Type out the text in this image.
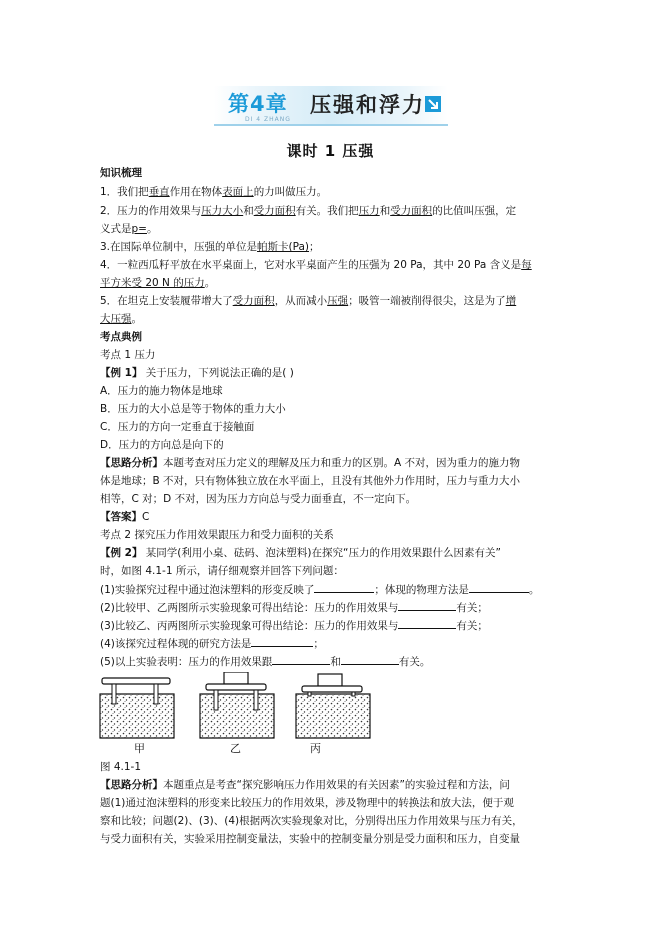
第4章 压强和浮力
DI 4 ZHANG
课时 1 压强
知识梳理
1．我们把垂直作用在物体表面上的力叫做压力。
2．压力的作用效果与压力大小和受力面积有关。我们把压力和受力面积的比值叫压强，定
义式是p=。
3.在国际单位制中，压强的单位是帕斯卡(Pa)；
4．一粒西瓜籽平放在水平桌面上，它对水平桌面产生的压强为 20 Pa，其中 20 Pa 含义是每
平方米受 20 N 的压力。
5．在坦克上安装履带增大了受力面积，从而减小压强；吸管一端被削得很尖，这是为了增
大压强。
考点典例
考点 1 压力
【例 1】 关于压力，下列说法正确的是( )
A．压力的施力物体是地球
B．压力的大小总是等于物体的重力大小
C．压力的方向一定垂直于接触面
D．压力的方向总是向下的
【思路分析】本题考查对压力定义的理解及压力和重力的区别。A 不对，因为重力的施力物
体是地球；B 不对，只有物体独立放在水平面上，且没有其他外力作用时，压力与重力大小
相等，C 对；D 不对，因为压力方向总与受力面垂直，不一定向下。
【答案】C
考点 2 探究压力作用效果跟压力和受力面积的关系
【例 2】 某同学(利用小桌、砝码、泡沫塑料)在探究“压力的作用效果跟什么因素有关”
时，如图 4.1-1 所示，请仔细观察并回答下列问题：
(1)实验探究过程中通过泡沫塑料的形变反映了	；体现的物理方法是	。
(2)比较甲、乙两图所示实验现象可得出结论：压力的作用效果与	有关；
(3)比较乙、丙两图所示实验现象可得出结论：压力的作用效果与	有关；
(4)该探究过程体现的研究方法是	；
(5)以上实验表明：压力的作用效果跟	和	有关。
甲	乙	丙
图 4.1-1
【思路分析】本题重点是考查“探究影响压力作用效果的有关因素”的实验过程和方法，问
题(1)通过泡沫塑料的形变来比较压力的作用效果，涉及物理中的转换法和放大法，便于观
察和比较；问题(2)、(3)、(4)根据两次实验现象对比，分别得出压力作用效果与压力有关，
与受力面积有关，实验采用控制变量法，实验中的控制变量分别是受力面积和压力，自变量
